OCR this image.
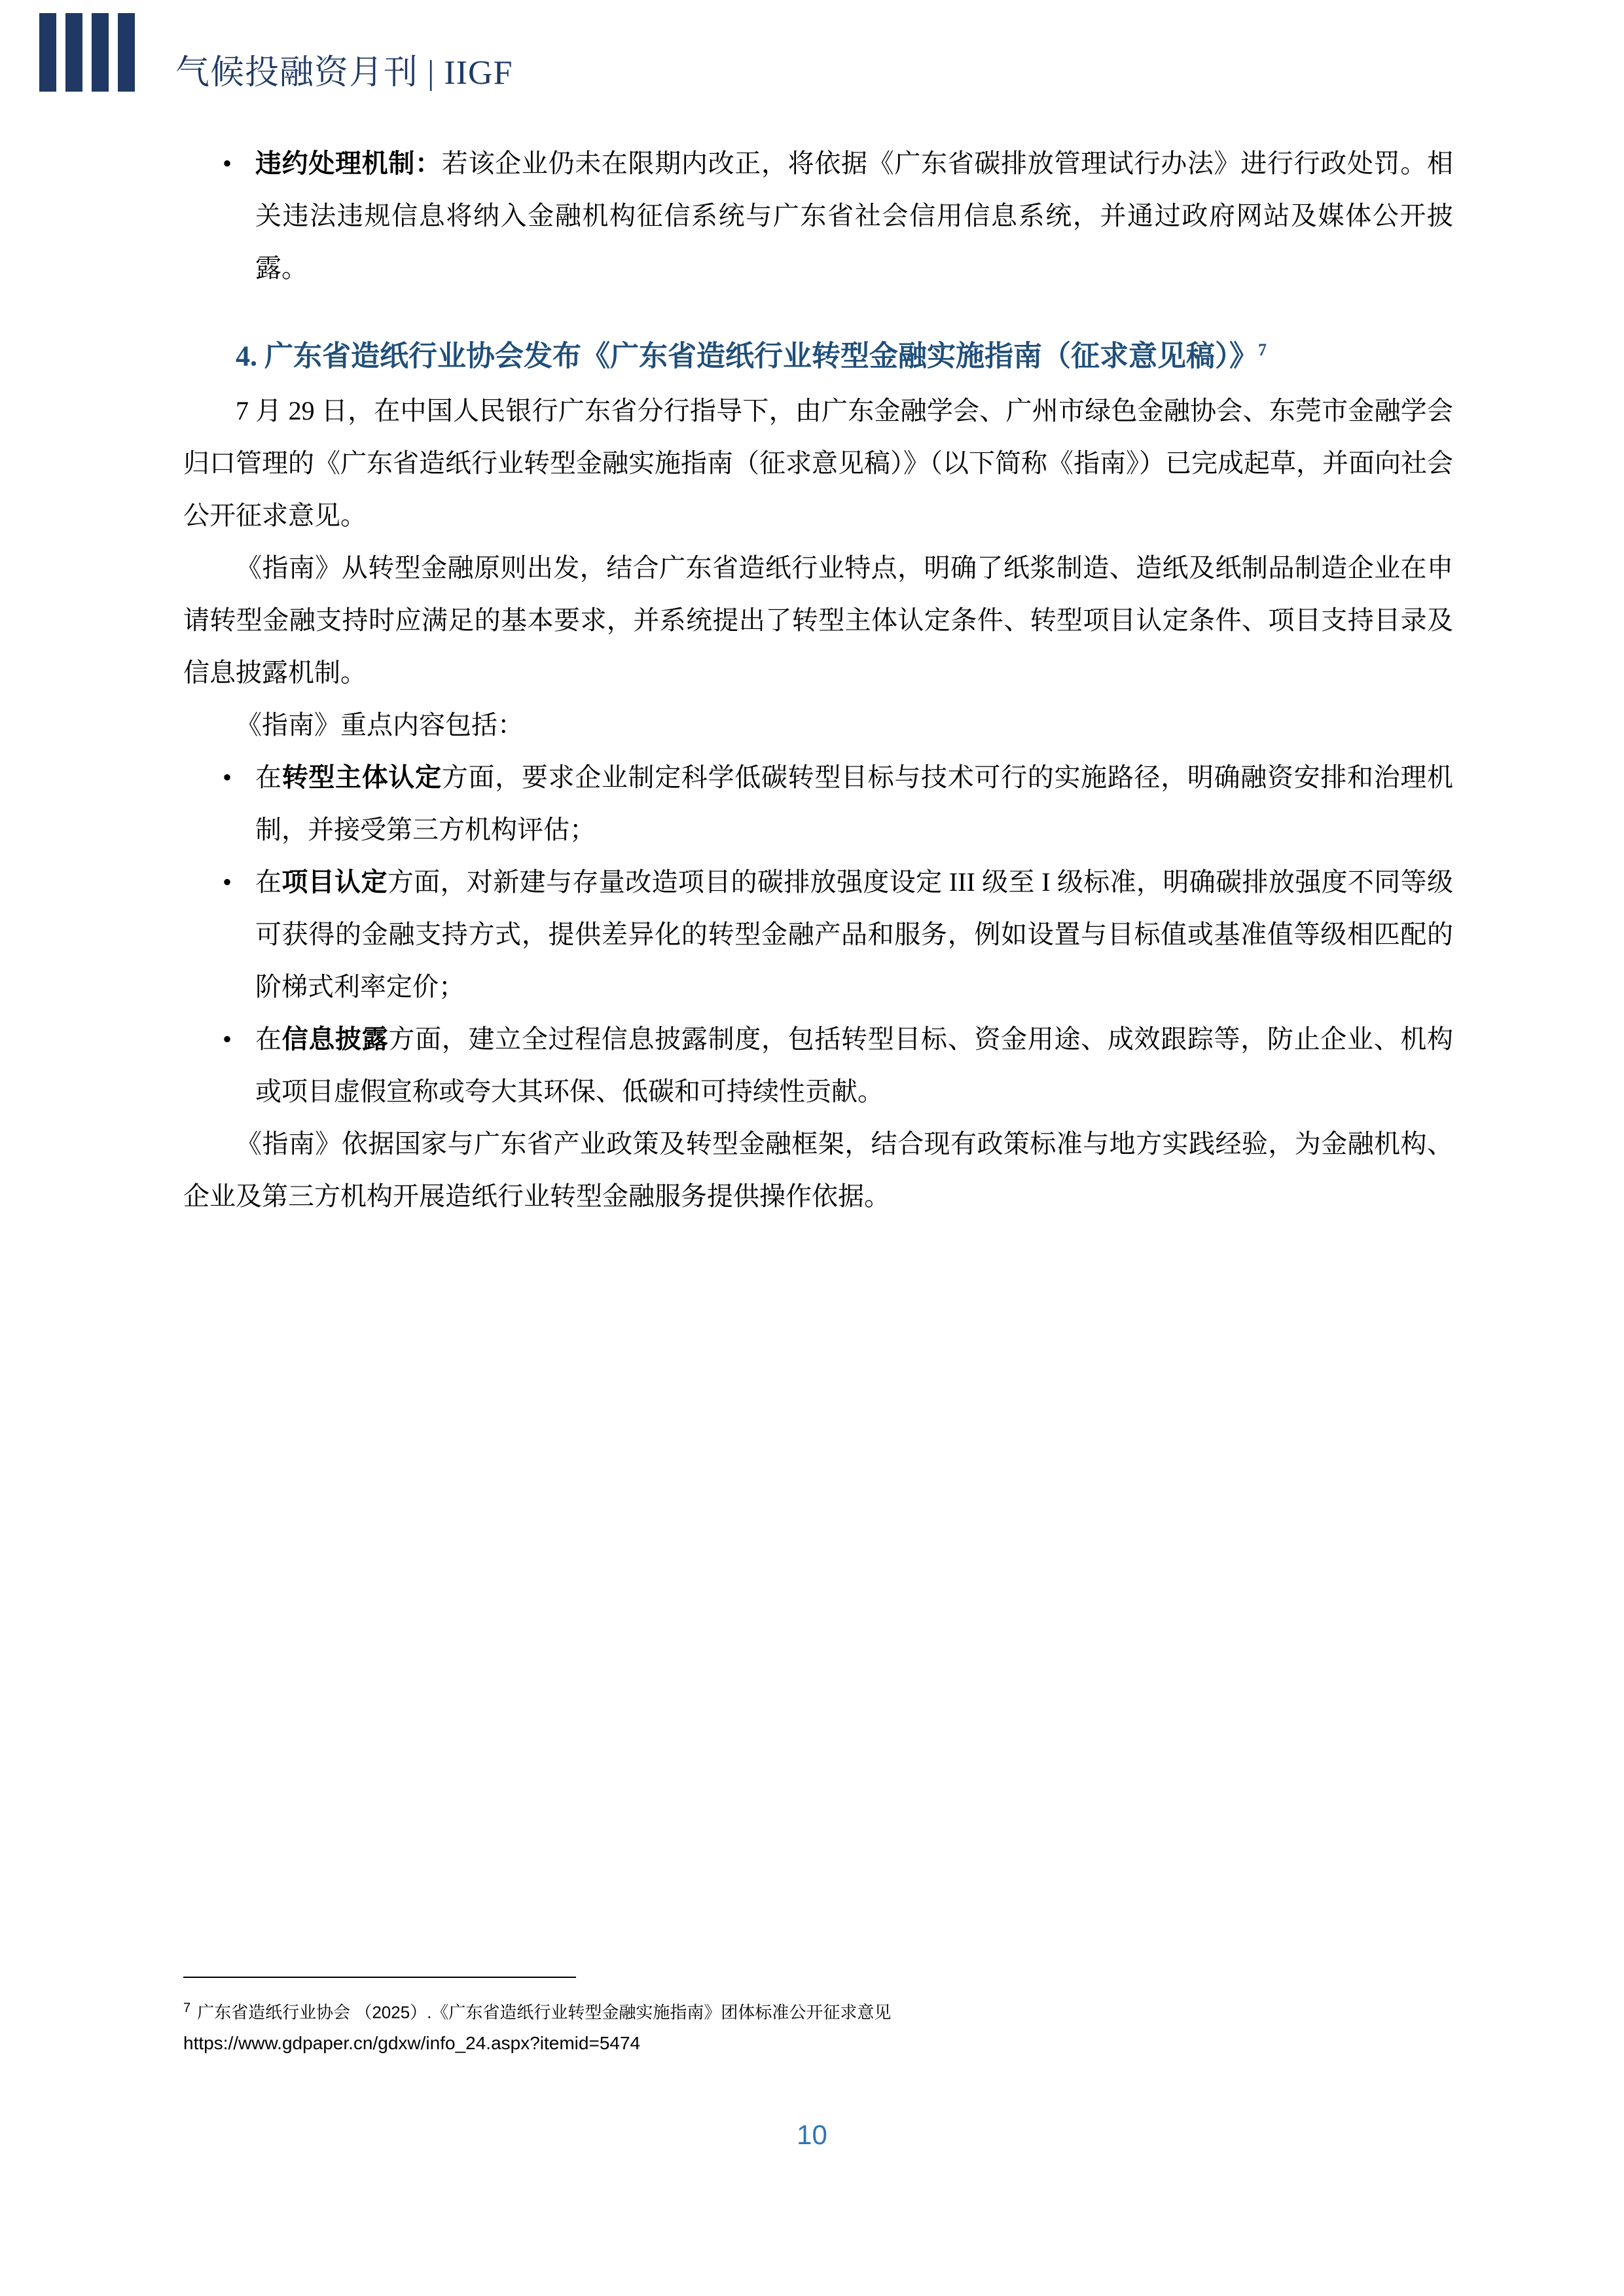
气候投融资月刊 | IIGF
• 违约处理机制：若该企业仍未在限期内改正，将依据《广东省碳排放管理试行办法》进行行政处罚。相关违法违规信息将纳入金融机构征信系统与广东省社会信用信息系统，并通过政府网站及媒体公开披露。
4. 广东省造纸行业协会发布《广东省造纸行业转型金融实施指南（征求意见稿）》$^7$

7 月 29 日，在中国人民银行广东省分行指导下，由广东金融学会、广州市绿色金融协会、东莞市金融学会归口管理的《广东省造纸行业转型金融实施指南（征求意见稿）》（以下简称《指南》）已完成起草，并面向社会公开征求意见。

《指南》从转型金融原则出发，结合广东省造纸行业特点，明确了纸浆制造、造纸及纸制品制造企业在申请转型金融支持时应满足的基本要求，并系统提出了转型主体认定条件、转型项目认定条件、项目支持目录及信息披露机制。

《指南》重点内容包括：

• 在转型主体认定方面，要求企业制定科学低碳转型目标与技术可行的实施路径，明确融资安排和治理机制，并接受第三方机构评估；
• 在项目认定方面，对新建与存量改造项目的碳排放强度设定 III 级至 I 级标准，明确碳排放强度不同等级可获得的金融支持方式，提供差异化的转型金融产品和服务，例如设置与目标值或基准值等级相匹配的阶梯式利率定价；
• 在信息披露方面，建立全过程信息披露制度，包括转型目标、资金用途、成效跟踪等，防止企业、机构或项目虚假宣称或夸大其环保、低碳和可持续性贡献。

《指南》依据国家与广东省产业政策及转型金融框架，结合现有政策标准与地方实践经验，为金融机构、企业及第三方机构开展造纸行业转型金融服务提供操作依据。

$^7$ 广东省造纸行业协会 （2025）.《广东省造纸行业转型金融实施指南》团体标准公开征求意见
https://www.gdpaper.cn/gdxw/info_24.aspx?itemid=5474
10
